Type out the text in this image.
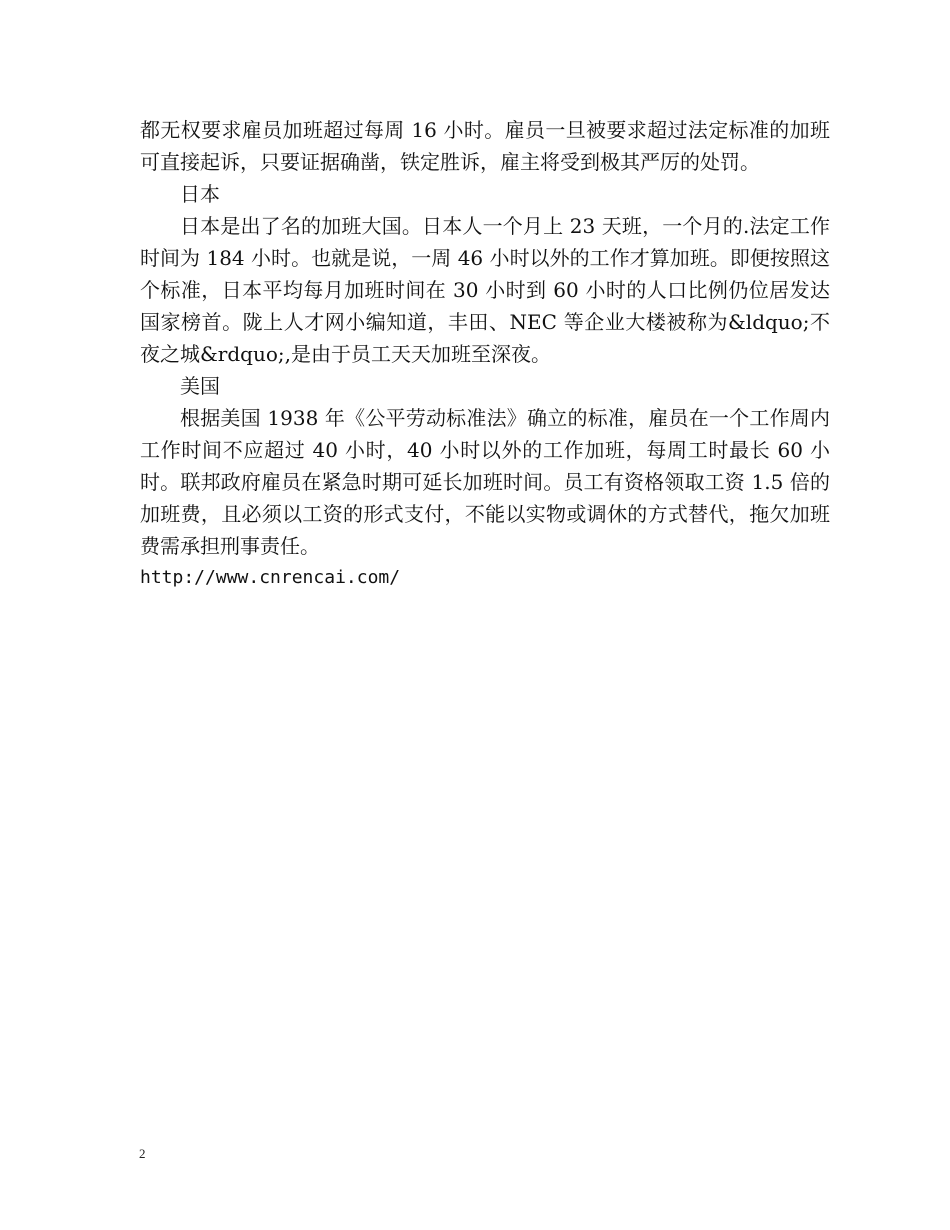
都无权要求雇员加班超过每周 16 小时。雇员一旦被要求超过法定标准的加班可直接起诉，只要证据确凿，铁定胜诉，雇主将受到极其严厉的处罚。

日本

日本是出了名的加班大国。日本人一个月上 23 天班，一个月的.法定工作时间为 184 小时。也就是说，一周 46 小时以外的工作才算加班。即便按照这个标准，日本平均每月加班时间在 30 小时到 60 小时的人口比例仍位居发达国家榜首。陇上人才网小编知道，丰田、NEC 等企业大楼被称为&ldquo;不夜之城&rdquo;,是由于员工天天加班至深夜。

美国

根据美国 1938 年《公平劳动标准法》确立的标准，雇员在一个工作周内工作时间不应超过 40 小时，40 小时以外的工作加班，每周工时最长 60 小时。联邦政府雇员在紧急时期可延长加班时间。员工有资格领取工资 1.5 倍的加班费，且必须以工资的形式支付，不能以实物或调休的方式替代，拖欠加班费需承担刑事责任。

http://www.cnrencai.com/

2
